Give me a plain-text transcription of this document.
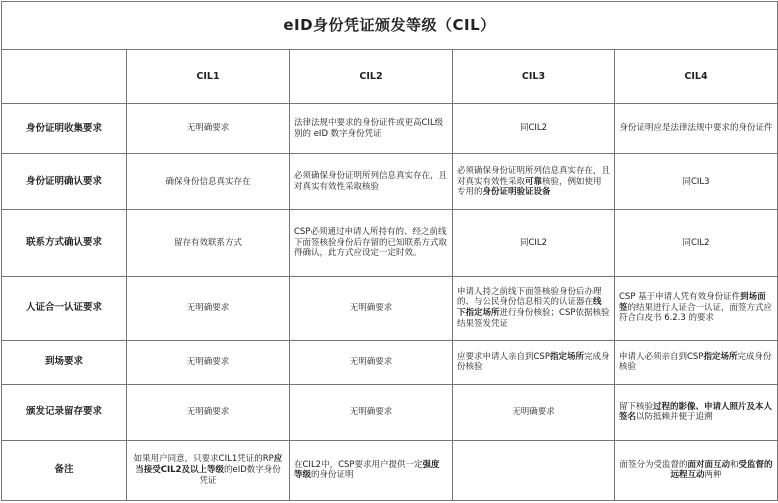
eID身份凭证颁发等级（CIL）				
	CIL1	CIL2	CIL3	CIL4
身份证明收集要求	无明确要求	法律法规中要求的身份证件或更高CIL级别的 eID 数字身份凭证	同CIL2	身份证明应是法律法规中要求的身份证件
身份证明确认要求	确保身份信息真实存在	必须确保身份证明所列信息真实存在，且对真实有效性采取核验	必须确保身份证明所列信息真实存在，且对真实有效性采取可靠核验，例如使用专用的身份证明验证设备	同CIL3
联系方式确认要求	留存有效联系方式	CSP必须通过申请人所持有的、经之前线下面签核验身份后存留的已知联系方式取得确认，此方式应设定一定时效。	同CIL2	同CIL2
人证合一认证要求	无明确要求	无明确要求	申请人持之前线下面签核验身份后办理的、与公民身份信息相关的认证器在线下指定场所进行身份核验；CSP依据核验结果签发凭证	CSP 基于申请人凭有效身份证件到场面签的结果进行人证合一认证，面签方式应符合白皮书 6.2.3 的要求
到场要求	无明确要求	无明确要求	应要求申请人亲自到CSP指定场所完成身份核验	申请人必须亲自到CSP指定场所完成身份核验
颁发记录留存要求	无明确要求	无明确要求	无明确要求	留下核验过程的影像、申请人照片及本人签名以防抵赖并便于追溯
备注	如果用户同意，只要求CIL1凭证的RP应当接受CIL2及以上等级的eID数字身份凭证	在CIL2中，CSP要求用户提供一定强度等级的身份证明		面签分为受监督的面对面互动和受监督的远程互动两种
